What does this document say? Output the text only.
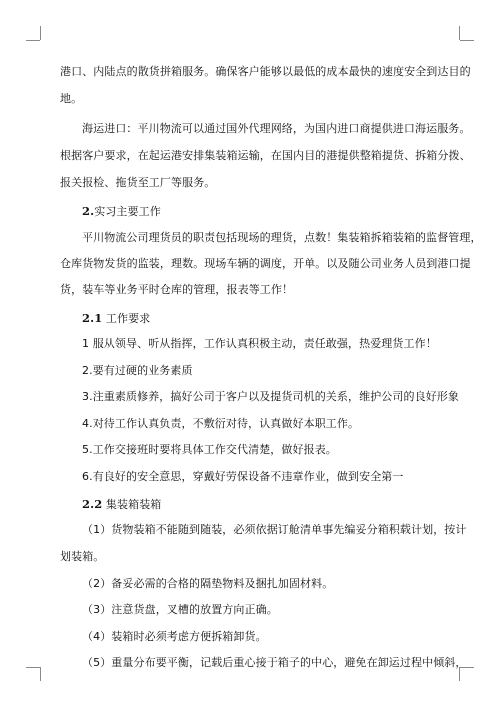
港口、内陆点的散货拼箱服务。确保客户能够以最低的成本最快的速度安全到达目的
地。
海运进口：平川物流可以通过国外代理网络，为国内进口商提供进口海运服务。
根据客户要求，在起运港安排集装箱运输，在国内目的港提供整箱提货、拆箱分拨、
报关报检、拖货至工厂等服务。
2.实习主要工作
平川物流公司理货员的职责包括现场的理货，点数！集装箱拆箱装箱的监督管理，
仓库货物发货的监装，理数。现场车辆的调度，开单。以及随公司业务人员到港口提
货，装车等业务平时仓库的管理，报表等工作！
2.1 工作要求
1 服从领导、听从指挥，工作认真积极主动，责任敢强，热爱理货工作！
2.要有过硬的业务素质
3.注重素质修养，搞好公司于客户以及提货司机的关系，维护公司的良好形象
4.对待工作认真负责，不敷衍对待，认真做好本职工作。
5.工作交接班时要将具体工作交代清楚，做好报表。
6.有良好的安全意思，穿戴好劳保设备不违章作业，做到安全第一
2.2 集装箱装箱
（1）货物装箱不能随到随装，必须依据订舱清单事先编妥分箱积载计划，按计
划装箱。
（2）备妥必需的合格的隔垫物料及捆扎加固材料。
（3）注意货盘，叉槽的放置方向正确。
（4）装箱时必须考虑方便拆箱卸货。
（5）重量分布要平衡，记载后重心接于箱子的中心，避免在卸运过程中倾斜，
